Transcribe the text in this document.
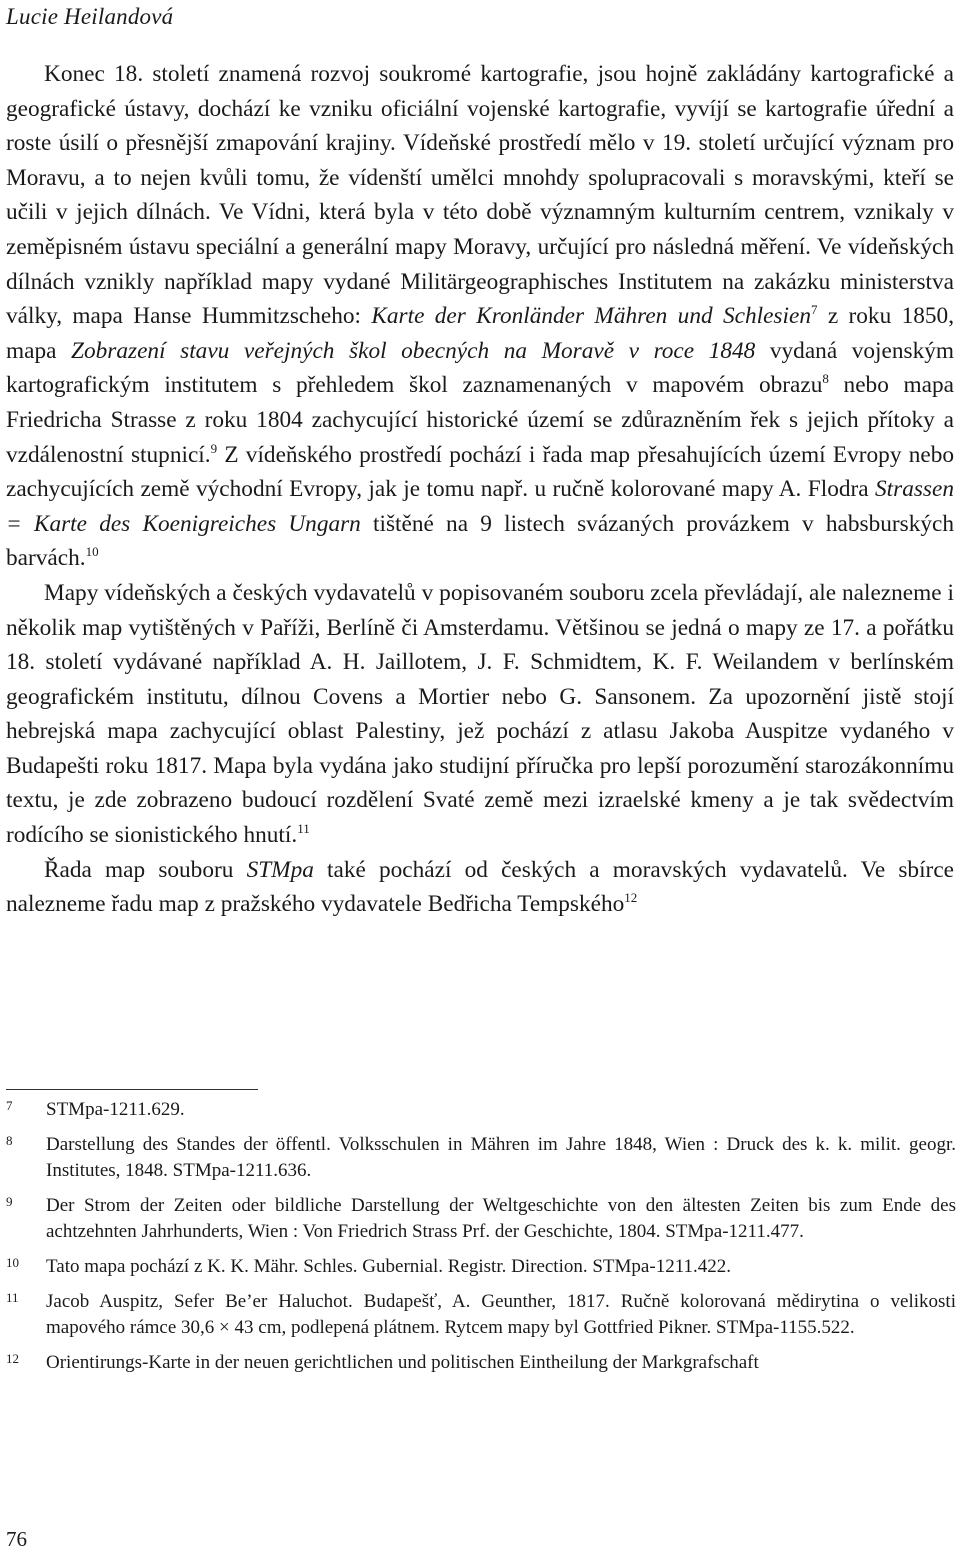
Lucie Heilandová

Konec 18. století znamená rozvoj soukromé kartografie, jsou hojně zakládány kartografické a geografické ústavy, dochází ke vzniku oficiální vojenské kartografie, vyvíjí se kartografie úřední a roste úsilí o přesnější zmapování krajiny. Vídeňské prostředí mělo v 19. století určující význam pro Moravu, a to nejen kvůli tomu, že vídenští umělci mnohdy spolupracovali s moravskými, kteří se učili v jejich dílnách. Ve Vídni, která byla v této době významným kulturním centrem, vznikaly v zeměpisném ústavu speciální a generální mapy Moravy, určující pro následná měření. Ve vídeňských dílnách vznikly například mapy vydané Militärgeographisches Institutem na zakázku ministerstva války, mapa Hanse Hummitzscheho: Karte der Kronländer Mähren und Schlesien$^7$ z roku 1850, mapa Zobrazení stavu veřejných škol obecných na Moravě v roce 1848 vydaná vojenským kartografickým institutem s přehledem škol zaznamenaných v mapovém obrazu$^8$ nebo mapa Friedricha Strasse z roku 1804 zachycující historické území se zdůrazněním řek s jejich přítoky a vzdálenostní stupnicí.$^9$ Z vídeňského prostředí pochází i řada map přesahujících území Evropy nebo zachycujících země východní Evropy, jak je tomu např. u ručně kolorované mapy A. Flodra Strassen = Karte des Koenigreiches Ungarn tištěné na 9 listech svázaných provázkem v habsburských barvách.$^{10}$

Mapy vídeňských a českých vydavatelů v popisovaném souboru zcela převládají, ale nalezneme i několik map vytištěných v Paříži, Berlíně či Amsterdamu. Většinou se jedná o mapy ze 17. a pořátku 18. století vydávané například A. H. Jaillotem, J. F. Schmidtem, K. F. Weilandem v berlínském geografickém institutu, dílnou Covens a Mortier nebo G. Sansonem. Za upozornění jistě stojí hebrejská mapa zachycující oblast Palestiny, jež pochází z atlasu Jakoba Auspitze vydaného v Budapešti roku 1817. Mapa byla vydána jako studijní příručka pro lepší porozumění starozákonnímu textu, je zde zobrazeno budoucí rozdělení Svaté země mezi izraelské kmeny a je tak svědectvím rodícího se sionistického hnutí.$^{11}$

Řada map souboru STMpa také pochází od českých a moravských vydavatelů. Ve sbírce nalezneme řadu map z pražského vydavatele Bedřicha Tempského$^{12}$

7 STMpa-1211.629.
8 Darstellung des Standes der öffentl. Volksschulen in Mähren im Jahre 1848, Wien : Druck des k. k. milit. geogr. Institutes, 1848. STMpa-1211.636.
9 Der Strom der Zeiten oder bildliche Darstellung der Weltgeschichte von den ältesten Zeiten bis zum Ende des achtzehnten Jahrhunderts, Wien : Von Friedrich Strass Prf. der Geschichte, 1804. STMpa-1211.477.
10 Tato mapa pochází z K. K. Mähr. Schles. Gubernial. Registr. Direction. STMpa-1211.422.
11 Jacob Auspitz, Sefer Be’er Haluchot. Budapešť, A. Geunther, 1817. Ručně kolorovaná mědirytina o velikosti mapového rámce 30,6 × 43 cm, podlepená plátnem. Rytcem mapy byl Gottfried Pikner. STMpa-1155.522.
12 Orientirungs-Karte in der neuen gerichtlichen und politischen Eintheilung der Markgrafschaft
76
